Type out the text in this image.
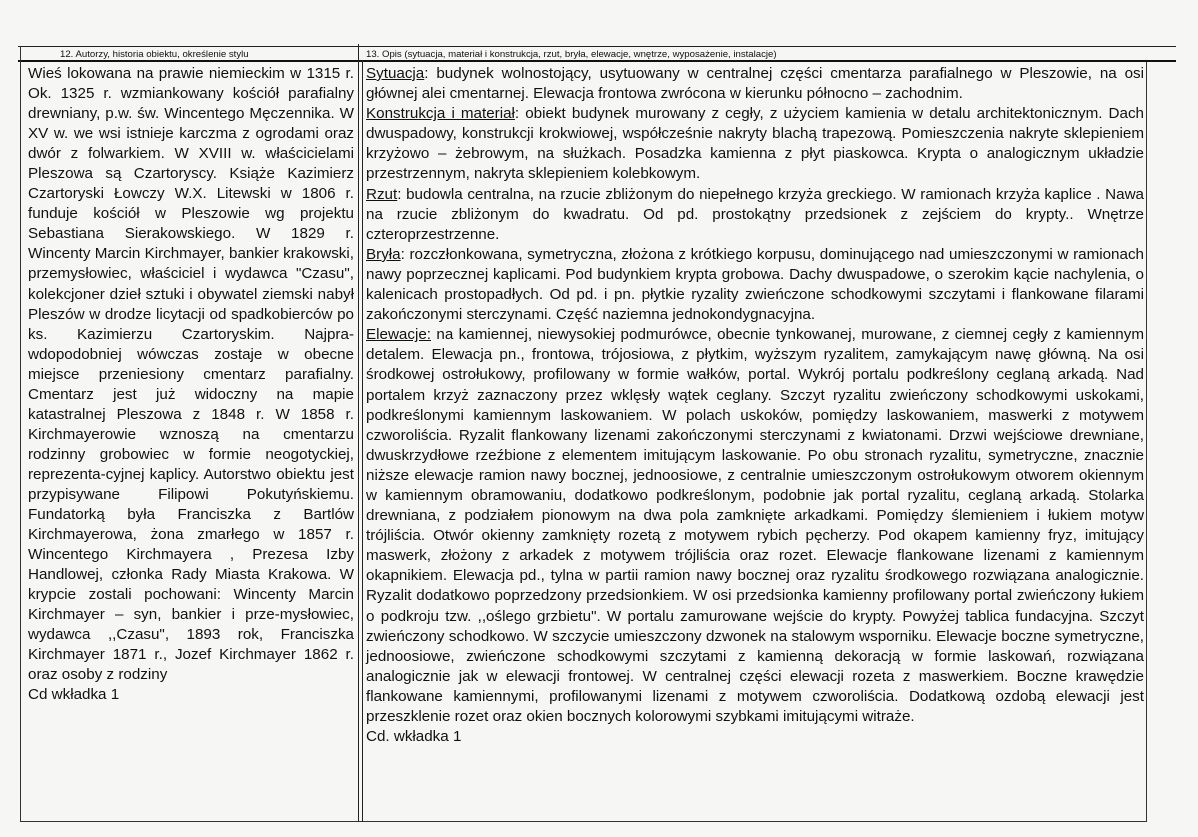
12. Autorzy, historia obiektu, określenie stylu	13. Opis (sytuacja, materiał i konstrukcja, rzut, bryła, elewacje, wnętrze, wyposażenie, instalacje)

Wieś lokowana na prawie niemieckim w 1315 r. Ok. 1325 r. wzmiankowany kościół parafialny drewniany, p.w. św. Wincentego Męczennika. W XV w. we wsi istnieje karczma z ogrodami oraz dwór z folwarkiem. W XVIII w. właścicielami Pleszowa są Czartoryscy. Książe Kazimierz Czartoryski Łowczy W.X. Litewski w 1806 r. funduje kościół w Pleszowie wg projektu Sebastiana Sierakowskiego. W 1829 r. Wincenty Marcin Kirchmayer, bankier krakowski, przemysłowiec, właściciel i wydawca "Czasu", kolekcjoner dzieł sztuki i obywatel ziemski nabył Pleszów w drodze licytacji od spadkobierców po ks. Kazimierzu Czartoryskim. Najpra-wdopodobniej wówczas zostaje w obecne miejsce przeniesiony cmentarz parafialny. Cmentarz jest już widoczny na mapie katastralnej Pleszowa z 1848 r. W 1858 r. Kirchmayerowie wznoszą na cmentarzu rodzinny grobowiec w formie neogotyckiej, reprezenta-cyjnej kaplicy. Autorstwo obiektu jest przypisywane Filipowi Pokutyńskiemu. Fundatorką była Franciszka z Bartlów Kirchmayerowa, żona zmarłego w 1857 r. Wincentego Kirchmayera , Prezesa Izby Handlowej, członka Rady Miasta Krakowa. W krypcie zostali pochowani: Wincenty Marcin Kirchmayer – syn, bankier i prze-mysłowiec, wydawca ,,Czasu", 1893 rok, Franciszka Kirchmayer 1871 r., Jozef Kirchmayer 1862 r. oraz osoby z rodziny

Cd wkładka 1

Sytuacja: budynek wolnostojący, usytuowany w centralnej części cmentarza parafialnego w Pleszowie, na osi głównej alei cmentarnej. Elewacja frontowa zwrócona w kierunku północno – zachodnim.

Konstrukcja i materiał: obiekt budynek murowany z cegły, z użyciem kamienia w detalu architektonicznym. Dach dwuspadowy, konstrukcji krokwiowej, współcześnie nakryty blachą trapezową. Pomieszczenia nakryte sklepieniem krzyżowo – żebrowym, na służkach. Posadzka kamienna z płyt piaskowca. Krypta o analogicznym układzie przestrzennym, nakryta sklepieniem kolebkowym.

Rzut: budowla centralna, na rzucie zbliżonym do niepełnego krzyża greckiego. W ramionach krzyża kaplice . Nawa na rzucie zbliżonym do kwadratu. Od pd. prostokątny przedsionek z zejściem do krypty.. Wnętrze czteroprzestrzenne.

Bryła: rozczłonkowana, symetryczna, złożona z krótkiego korpusu, dominującego nad umieszczonymi w ramionach nawy poprzecznej kaplicami. Pod budynkiem krypta grobowa. Dachy dwuspadowe, o szerokim kącie nachylenia, o kalenicach prostopadłych. Od pd. i pn. płytkie ryzality zwieńczone schodkowymi szczytami i flankowane filarami zakończonymi sterczynami. Część naziemna jednokondygnacyjna.

Elewacje: na kamiennej, niewysokiej podmurówce, obecnie tynkowanej, murowane, z ciemnej cegły z kamiennym detalem. Elewacja pn., frontowa, trójosiowa, z płytkim, wyższym ryzalitem, zamykającym nawę główną. Na osi środkowej ostrołukowy, profilowany w formie wałków, portal. Wykrój portalu podkreślony ceglaną arkadą. Nad portalem krzyż zaznaczony przez wklęsły wątek ceglany. Szczyt ryzalitu zwieńczony schodkowymi uskokami, podkreślonymi kamiennym laskowaniem. W polach uskoków, pomiędzy laskowaniem, maswerki z motywem czworoliścia. Ryzalit flankowany lizenami zakończonymi sterczynami z kwiatonami. Drzwi wejściowe drewniane, dwuskrzydłowe rzeźbione z elementem imitującym laskowanie. Po obu stronach ryzalitu, symetryczne, znacznie niższe elewacje ramion nawy bocznej, jednoosiowe, z centralnie umieszczonym ostrołukowym otworem okiennym w kamiennym obramowaniu, dodatkowo podkreślonym, podobnie jak portal ryzalitu, ceglaną arkadą. Stolarka drewniana, z podziałem pionowym na dwa pola zamknięte arkadkami. Pomiędzy ślemieniem i łukiem motyw trójliścia. Otwór okienny zamknięty rozetą z motywem rybich pęcherzy. Pod okapem kamienny fryz, imitujący maswerk, złożony z arkadek z motywem trójliścia oraz rozet. Elewacje flankowane lizenami z kamiennym okapnikiem. Elewacja pd., tylna w partii ramion nawy bocznej oraz ryzalitu środkowego rozwiązana analogicznie. Ryzalit dodatkowo poprzedzony przedsionkiem. W osi przedsionka kamienny profilowany portal zwieńczony łukiem o podkroju tzw. ,,oślego grzbietu". W portalu zamurowane wejście do krypty. Powyżej tablica fundacyjna. Szczyt zwieńczony schodkowo. W szczycie umieszczony dzwonek na stalowym wsporniku. Elewacje boczne symetryczne, jednoosiowe, zwieńczone schodkowymi szczytami z kamienną dekoracją w formie laskowań, rozwiązana analogicznie jak w elewacji frontowej. W centralnej części elewacji rozeta z maswerkiem. Boczne krawędzie flankowane kamiennymi, profilowanymi lizenami z motywem czworoliścia. Dodatkową ozdobą elewacji jest przeszklenie rozet oraz okien bocznych kolorowymi szybkami imitującymi witraże.

Cd. wkładka 1
